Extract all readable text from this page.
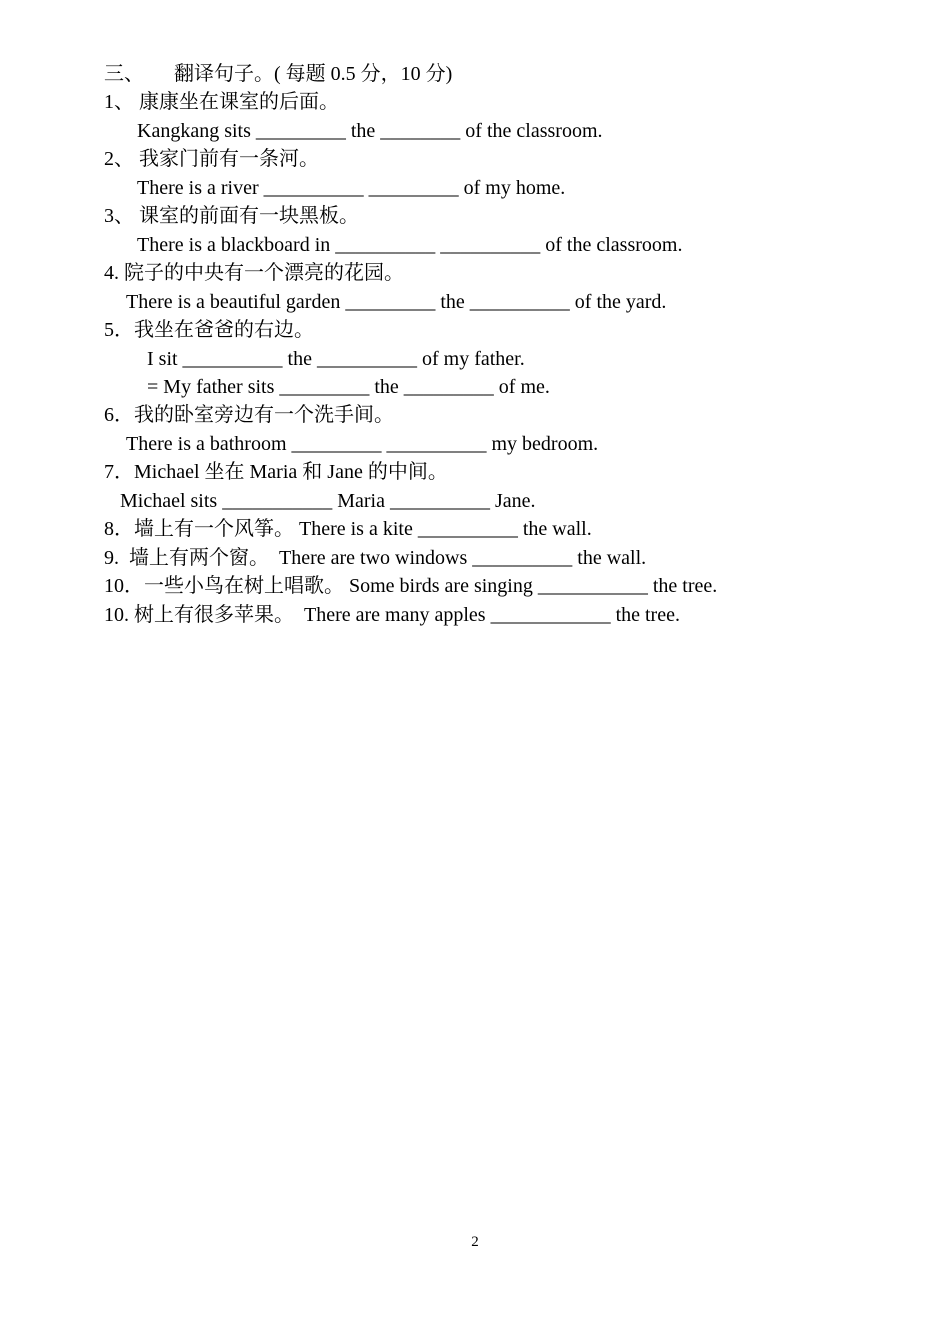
三、　　翻译句子。( 每题 0.5 分，10 分)
1、 康康坐在课室的后面。
Kangkang sits _________ the ________ of the classroom.
2、 我家门前有一条河。
There is a river __________ _________ of my home.
3、 课室的前面有一块黑板。
There is a blackboard in __________ __________ of the classroom.
4. 院子的中央有一个漂亮的花园。
There is a beautiful garden _________ the __________ of the yard.
5．我坐在爸爸的右边。
I sit __________ the __________ of my father.
= My father sits _________ the _________ of me.
6．我的卧室旁边有一个洗手间。
There is a bathroom _________ __________ my bedroom.
7．Michael 坐在 Maria 和 Jane 的中间。
Michael sits ___________ Maria __________ Jane.
8．墙上有一个风筝。 There is a kite __________ the wall.
9.  墙上有两个窗。　There are two windows __________ the wall.
10．一些小鸟在树上唱歌。 Some birds are singing ___________ the tree.
10. 树上有很多苹果。　There are many apples ____________ the tree.
2
